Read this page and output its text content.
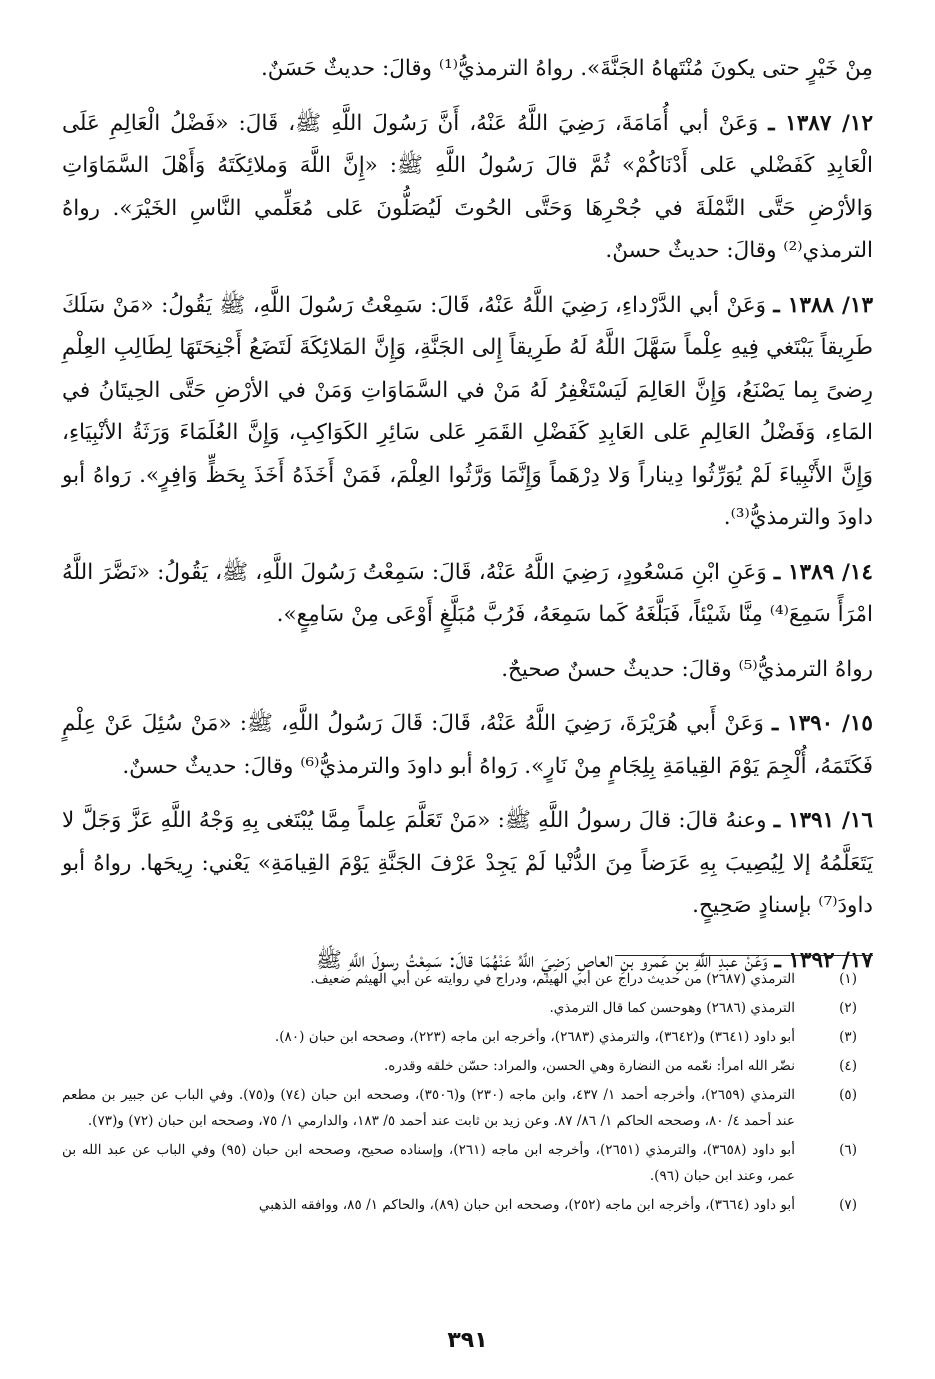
مِنْ خَيْرٍ حتى يكونَ مُنْتَهاهُ الجَنَّةَ». رواهُ الترمذيُّ⁽¹⁾ وقالَ: حديثٌ حَسَنٌ.

١٢/ ١٣٨٧ ـ وَعَنْ أبي أُمَامَةَ، رَضِيَ اللَّهُ عَنْهُ، أَنَّ رَسُولَ اللَّهِ ﷺ، قَالَ: «فَضْلُ الْعَالِمِ عَلَى الْعَابِدِ كَفَضْلي عَلى أَدْنَاكُمْ» ثُمَّ قالَ رَسُولُ اللَّهِ ﷺ: «إِنَّ اللَّهَ وَملائِكَتَهُ وَأَهْلَ السَّمَاوَاتِ وَالأرْضِ حَتَّى النَّمْلَةَ في جُحْرِهَا وَحَتَّى الحُوتَ لَيُصَلُّونَ عَلى مُعَلِّمي النَّاسِ الخَيْرَ». رواهُ الترمذي⁽²⁾ وقالَ: حديثٌ حسنٌ.

١٣/ ١٣٨٨ ـ وَعَنْ أبي الدَّرْداءِ، رَضِيَ اللَّهُ عَنْهُ، قَالَ: سَمِعْتُ رَسُولَ اللَّهِ، ﷺ يَقُولُ: «مَنْ سَلَكَ طَرِيقاً يَبْتَغي فِيهِ عِلْماً سَهَّلَ اللَّهُ لَهُ طَرِيقاً إِلى الجَنَّةِ، وَإِنَّ المَلائِكَةَ لَتَضَعُ أَجْنِحَتَهَا لِطَالِبِ العِلْمِ رِضىً بِما يَصْنَعُ، وَإِنَّ العَالِمَ لَيَسْتَغْفِرُ لَهُ مَنْ في السَّمَاوَاتِ وَمَنْ في الأرْضِ حَتَّى الحِيتَانُ في المَاءِ، وَفَضْلُ العَالِمِ عَلى العَابِدِ كَفَضْلِ القَمَرِ عَلى سَائِرِ الكَوَاكِبِ، وَإِنَّ العُلَمَاءَ وَرَثَةُ الأنْبِيَاءِ، وَإِنَّ الأَنْبِياءَ لَمْ يُوَرِّثُوا دِيناراً وَلا دِرْهَماً وَإِنَّمَا وَرَّثُوا العِلْمَ، فَمَنْ أَخَذَهُ أَخَذَ بِحَظٍّ وَافِرٍ». رَواهُ أبو داودَ والترمذيُّ⁽³⁾.

١٤/ ١٣٨٩ ـ وَعَنِ ابْنِ مَسْعُودٍ، رَضِيَ اللَّهُ عَنْهُ، قَالَ: سَمِعْتُ رَسُولَ اللَّهِ، ﷺ، يَقُولُ: «نَضَّرَ اللَّهُ امْرَأً سَمِعَ⁽⁴⁾ مِنَّا شَيْئاً، فَبَلَّغَهُ كَما سَمِعَهُ، فَرُبَّ مُبَلَّغٍ أَوْعَى مِنْ سَامِعٍ».

رواهُ الترمذيُّ⁽⁵⁾ وقالَ: حديثٌ حسنٌ صحيحٌ.

١٥/ ١٣٩٠ ـ وَعَنْ أَبي هُرَيْرَةَ، رَضِيَ اللَّهُ عَنْهُ، قَالَ: قَالَ رَسُولُ اللَّهِ، ﷺ: «مَنْ سُئِلَ عَنْ عِلْمٍ فَكَتَمَهُ، أُلْجِمَ يَوْمَ القِيامَةِ بِلِجَامٍ مِنْ نَارٍ». رَواهُ أبو داودَ والترمذيُّ⁽⁶⁾ وقالَ: حديثٌ حسنٌ.

١٦/ ١٣٩١ ـ وعنهُ قالَ: قالَ رسولُ اللَّهِ ﷺ: «مَنْ تَعَلَّمَ عِلماً مِمَّا يُبْتَغى بِهِ وَجْهُ اللَّهِ عَزَّ وَجَلَّ لا يَتَعَلَّمُهُ إلا لِيُصِيبَ بِهِ عَرَضاً مِنَ الدُّنْيا لَمْ يَجِدْ عَرْفَ الجَنَّةِ يَوْمَ القِيامَةِ» يَعْني: رِيحَها. رواهُ أبو داودَ⁽⁷⁾ بإسنادٍ صَحِيحٍ.

١٧/ ١٣٩٢ ـ وَعَنْ عبدِ اللَّهِ بنِ عَمرو بنِ العاصِ رَضِيَ اللَّهُ عَنْهُمَا قالَ: سَمِعْتُ رسولَ اللَّهِ ﷺ

(١)
الترمذي (٢٦٨٧) من حديث دراج عن أبي الهيثم، ودراج في روايته عن أبي الهيثم ضعيف.
(٢)
الترمذي (٢٦٨٦) وهوحسن كما قال الترمذي.
(٣)
أبو داود (٣٦٤١) و(٣٦٤٢)، والترمذي (٢٦٨٣)، وأخرجه ابن ماجه (٢٢٣)، وصححه ابن حبان (٨٠).
(٤)
نضّر الله امرأ: نعّمه من النضارة وهي الحسن، والمراد: حسّن خلقه وقدره.
(٥)
الترمذي (٢٦٥٩)، وأخرجه أحمد ١/ ٤٣٧، وابن ماجه (٢٣٠) و(٣٥٠٦)، وصححه ابن حبان (٧٤) و(٧٥). وفي الباب عن جبير بن مطعم عند أحمد ٤/ ٨٠، وصححه الحاكم ١/ ٨٦/ ٨٧. وعن زيد بن ثابت عند أحمد ٥/ ١٨٣، والدارمي ١/ ٧٥، وصححه ابن حبان (٧٢) و(٧٣).
(٦)
أبو داود (٣٦٥٨)، والترمذي (٢٦٥١)، وأخرجه ابن ماجه (٢٦١)، وإسناده صحيح، وصححه ابن حبان (٩٥) وفي الباب عن عبد الله بن عمر، وعند ابن حبان (٩٦).
(٧)
أبو داود (٣٦٦٤)، وأخرجه ابن ماجه (٢٥٢)، وصححه ابن حبان (٨٩)، والحاكم ١/ ٨٥، ووافقه الذهبي
٣٩١
